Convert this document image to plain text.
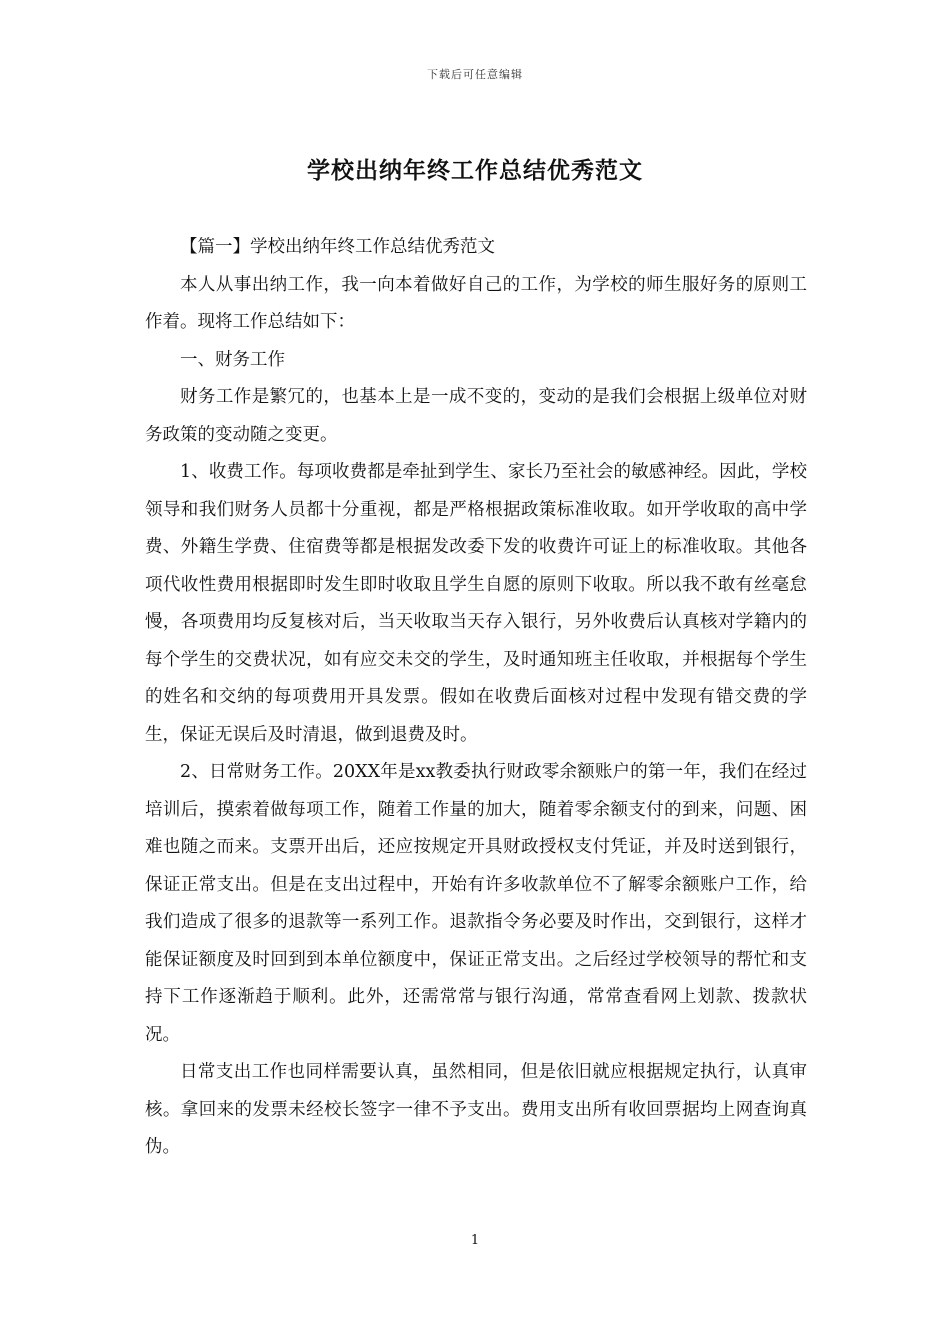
下载后可任意编辑
学校出纳年终工作总结优秀范文

【篇一】学校出纳年终工作总结优秀范文

本人从事出纳工作，我一向本着做好自己的工作，为学校的师生服好务的原则工作着。现将工作总结如下：

一、财务工作

财务工作是繁冗的，也基本上是一成不变的，变动的是我们会根据上级单位对财务政策的变动随之变更。

1、收费工作。每项收费都是牵扯到学生、家长乃至社会的敏感神经。因此，学校领导和我们财务人员都十分重视，都是严格根据政策标准收取。如开学收取的高中学费、外籍生学费、住宿费等都是根据发改委下发的收费许可证上的标准收取。其他各项代收性费用根据即时发生即时收取且学生自愿的原则下收取。所以我不敢有丝毫怠慢，各项费用均反复核对后，当天收取当天存入银行，另外收费后认真核对学籍内的每个学生的交费状况，如有应交未交的学生，及时通知班主任收取，并根据每个学生的姓名和交纳的每项费用开具发票。假如在收费后面核对过程中发现有错交费的学生，保证无误后及时清退，做到退费及时。

2、日常财务工作。20XX年是xx教委执行财政零余额账户的第一年，我们在经过培训后，摸索着做每项工作，随着工作量的加大，随着零余额支付的到来，问题、困难也随之而来。支票开出后，还应按规定开具财政授权支付凭证，并及时送到银行，保证正常支出。但是在支出过程中，开始有许多收款单位不了解零余额账户工作，给我们造成了很多的退款等一系列工作。退款指令务必要及时作出，交到银行，这样才能保证额度及时回到到本单位额度中，保证正常支出。之后经过学校领导的帮忙和支持下工作逐渐趋于顺利。此外，还需常常与银行沟通，常常查看网上划款、拨款状况。

日常支出工作也同样需要认真，虽然相同，但是依旧就应根据规定执行，认真审核。拿回来的发票未经校长签字一律不予支出。费用支出所有收回票据均上网查询真伪。

1
